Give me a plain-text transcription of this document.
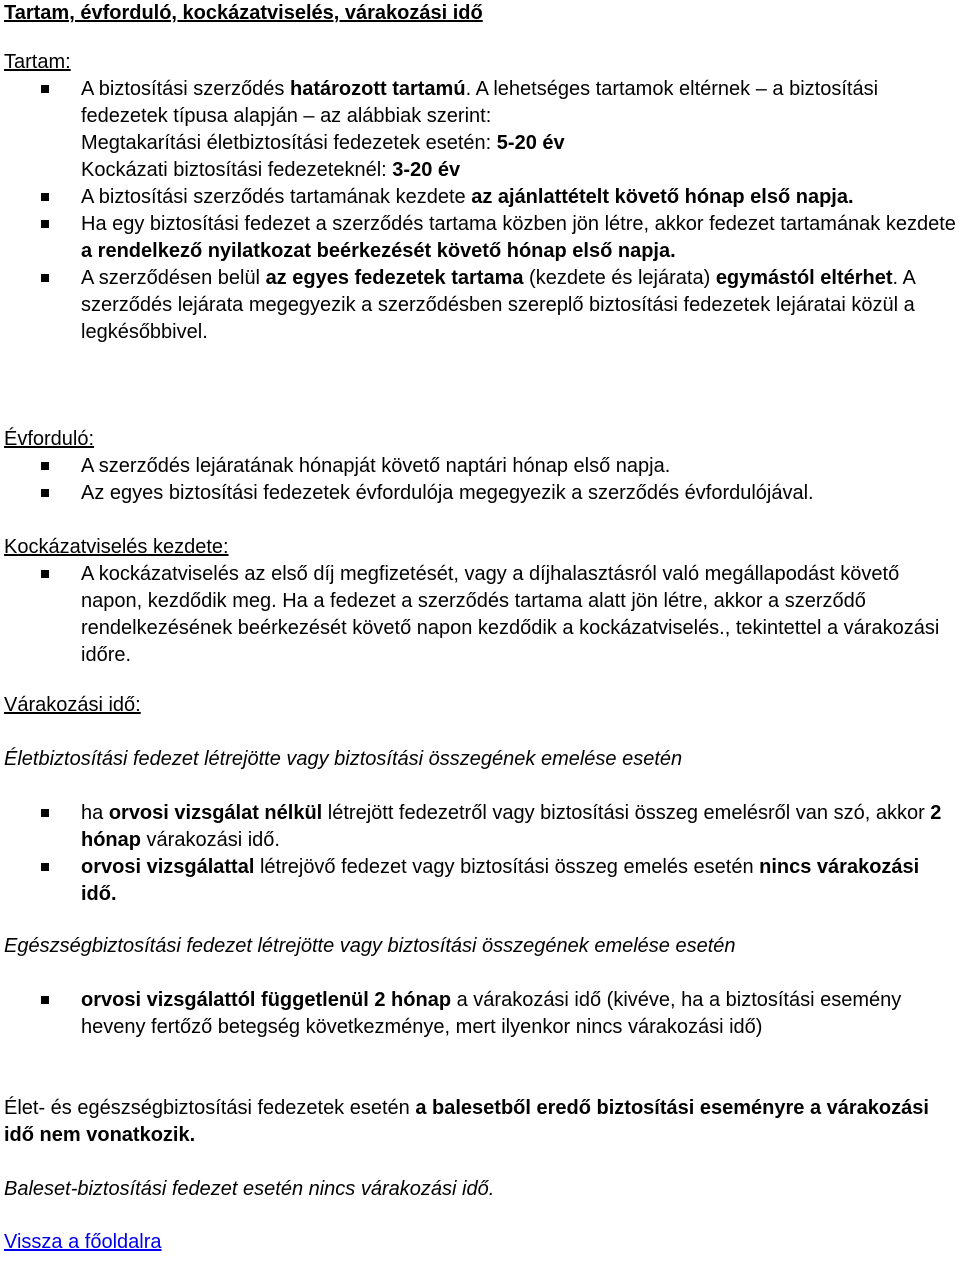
Tartam, évforduló, kockázatviselés, várakozási idő
Tartam:
A biztosítási szerződés határozott tartamú. A lehetséges tartamok eltérnek – a biztosítási fedezetek típusa alapján – az alábbiak szerint:
Megtakarítási életbiztosítási fedezetek esetén: 5-20 év
Kockázati biztosítási fedezeteknél: 3-20 év
A biztosítási szerződés tartamának kezdete az ajánlattételt követő hónap első napja.
Ha egy biztosítási fedezet a szerződés tartama közben jön létre, akkor fedezet tartamának kezdete a rendelkező nyilatkozat beérkezését követő hónap első napja.
A szerződésen belül az egyes fedezetek tartama (kezdete és lejárata) egymástól eltérhet. A szerződés lejárata megegyezik a szerződésben szereplő biztosítási fedezetek lejáratai közül a legkésőbbivel.
Évforduló:
A szerződés lejáratának hónapját követő naptári hónap első napja.
Az egyes biztosítási fedezetek évfordulója megegyezik a szerződés évfordulójával.
Kockázatviselés kezdete:
A kockázatviselés az első díj megfizetését, vagy a díjhalasztásról való megállapodást követő napon, kezdődik meg. Ha a fedezet a szerződés tartama alatt jön létre, akkor a szerződő rendelkezésének beérkezését követő napon kezdődik a kockázatviselés., tekintettel a várakozási időre.
Várakozási idő:
Életbiztosítási fedezet létrejötte vagy biztosítási összegének emelése esetén
ha orvosi vizsgálat nélkül létrejött fedezetről vagy biztosítási összeg emelésről van szó, akkor 2 hónap várakozási idő.
orvosi vizsgálattal létrejövő fedezet vagy biztosítási összeg emelés esetén nincs várakozási idő.
Egészségbiztosítási fedezet létrejötte vagy biztosítási összegének emelése esetén
orvosi vizsgálattól függetlenül 2 hónap a várakozási idő (kivéve, ha a biztosítási esemény heveny fertőző betegség következménye, mert ilyenkor nincs várakozási idő)
Élet- és egészségbiztosítási fedezetek esetén a balesetből eredő biztosítási eseményre a várakozási idő nem vonatkozik.
Baleset-biztosítási fedezet esetén nincs várakozási idő.
Vissza a főoldalra
